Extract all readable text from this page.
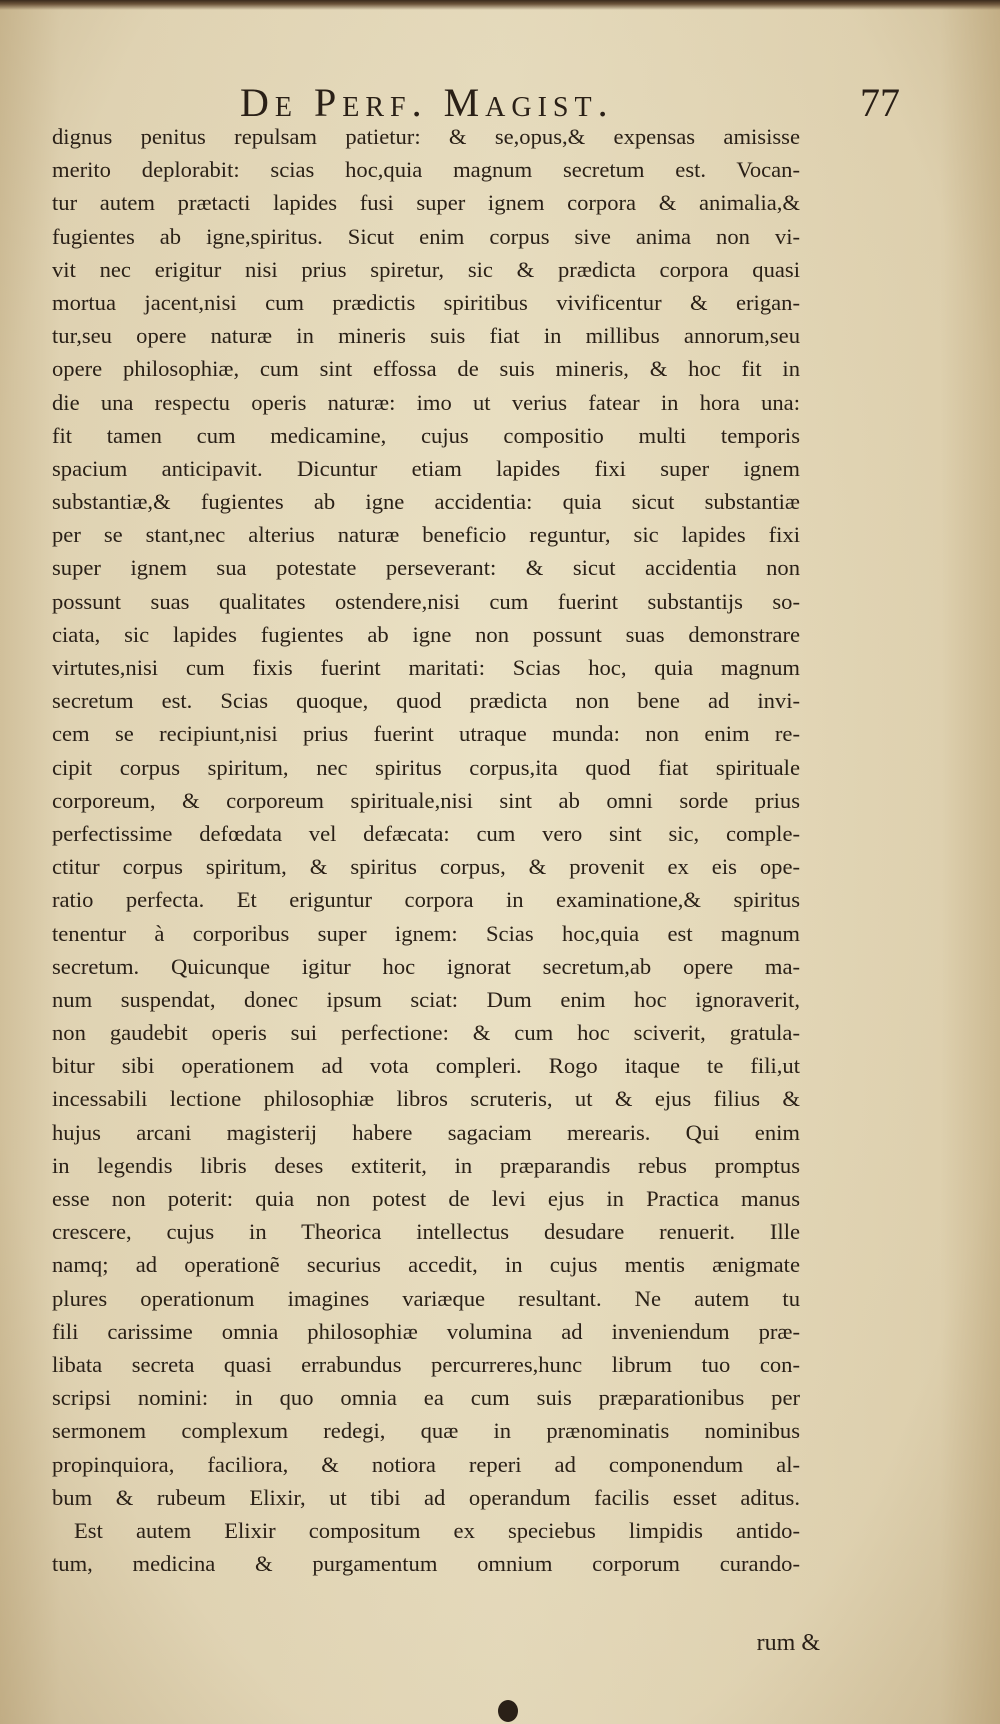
De Perf. Magist.	77
dignus penitus repulsam patietur: & se,opus,& expensas amisisse
merito deplorabit: scias hoc,quia magnum secretum est. Vocan-
tur autem prætacti lapides fusi super ignem corpora & animalia,&
fugientes ab igne,spiritus. Sicut enim corpus sive anima non vi-
vit nec erigitur nisi prius spiretur, sic & prædicta corpora quasi
mortua jacent,nisi cum prædictis spiritibus vivificentur & erigan-
tur,seu opere naturæ in mineris suis fiat in millibus annorum,seu
opere philosophiæ, cum sint effossa de suis mineris, & hoc fit in
die una respectu operis naturæ: imo ut verius fatear in hora una:
fit tamen cum medicamine, cujus compositio multi temporis
spacium anticipavit. Dicuntur etiam lapides fixi super ignem
substantiæ,& fugientes ab igne accidentia: quia sicut substantiæ
per se stant,nec alterius naturæ beneficio reguntur, sic lapides fixi
super ignem sua potestate perseverant: & sicut accidentia non
possunt suas qualitates ostendere,nisi cum fuerint substantijs so-
ciata, sic lapides fugientes ab igne non possunt suas demonstrare
virtutes,nisi cum fixis fuerint maritati: Scias hoc, quia magnum
secretum est. Scias quoque, quod prædicta non bene ad invi-
cem se recipiunt,nisi prius fuerint utraque munda: non enim re-
cipit corpus spiritum, nec spiritus corpus,ita quod fiat spirituale
corporeum, & corporeum spirituale,nisi sint ab omni sorde prius
perfectissime defœdata vel defæcata: cum vero sint sic, comple-
ctitur corpus spiritum, & spiritus corpus, & provenit ex eis ope-
ratio perfecta. Et eriguntur corpora in examinatione,& spiritus
tenentur à corporibus super ignem: Scias hoc,quia est magnum
secretum. Quicunque igitur hoc ignorat secretum,ab opere ma-
num suspendat, donec ipsum sciat: Dum enim hoc ignoraverit,
non gaudebit operis sui perfectione: & cum hoc sciverit, gratula-
bitur sibi operationem ad vota compleri. Rogo itaque te fili,ut
incessabili lectione philosophiæ libros scruteris, ut & ejus filius &
hujus arcani magisterij habere sagaciam merearis. Qui enim
in legendis libris deses extiterit, in præparandis rebus promptus
esse non poterit: quia non potest de levi ejus in Practica manus
crescere, cujus in Theorica intellectus desudare renuerit. Ille
namq; ad operationẽ securius accedit, in cujus mentis ænigmate
plures operationum imagines variæque resultant. Ne autem tu
fili carissime omnia philosophiæ volumina ad inveniendum præ-
libata secreta quasi errabundus percurreres,hunc librum tuo con-
scripsi nomini: in quo omnia ea cum suis præparationibus per
sermonem complexum redegi, quæ in prænominatis nominibus
propinquiora, faciliora, & notiora reperi ad componendum al-
bum & rubeum Elixir, ut tibi ad operandum facilis esset aditus.
Est autem Elixir compositum ex speciebus limpidis antido-
tum, medicina & purgamentum omnium corporum curando-
rum &
